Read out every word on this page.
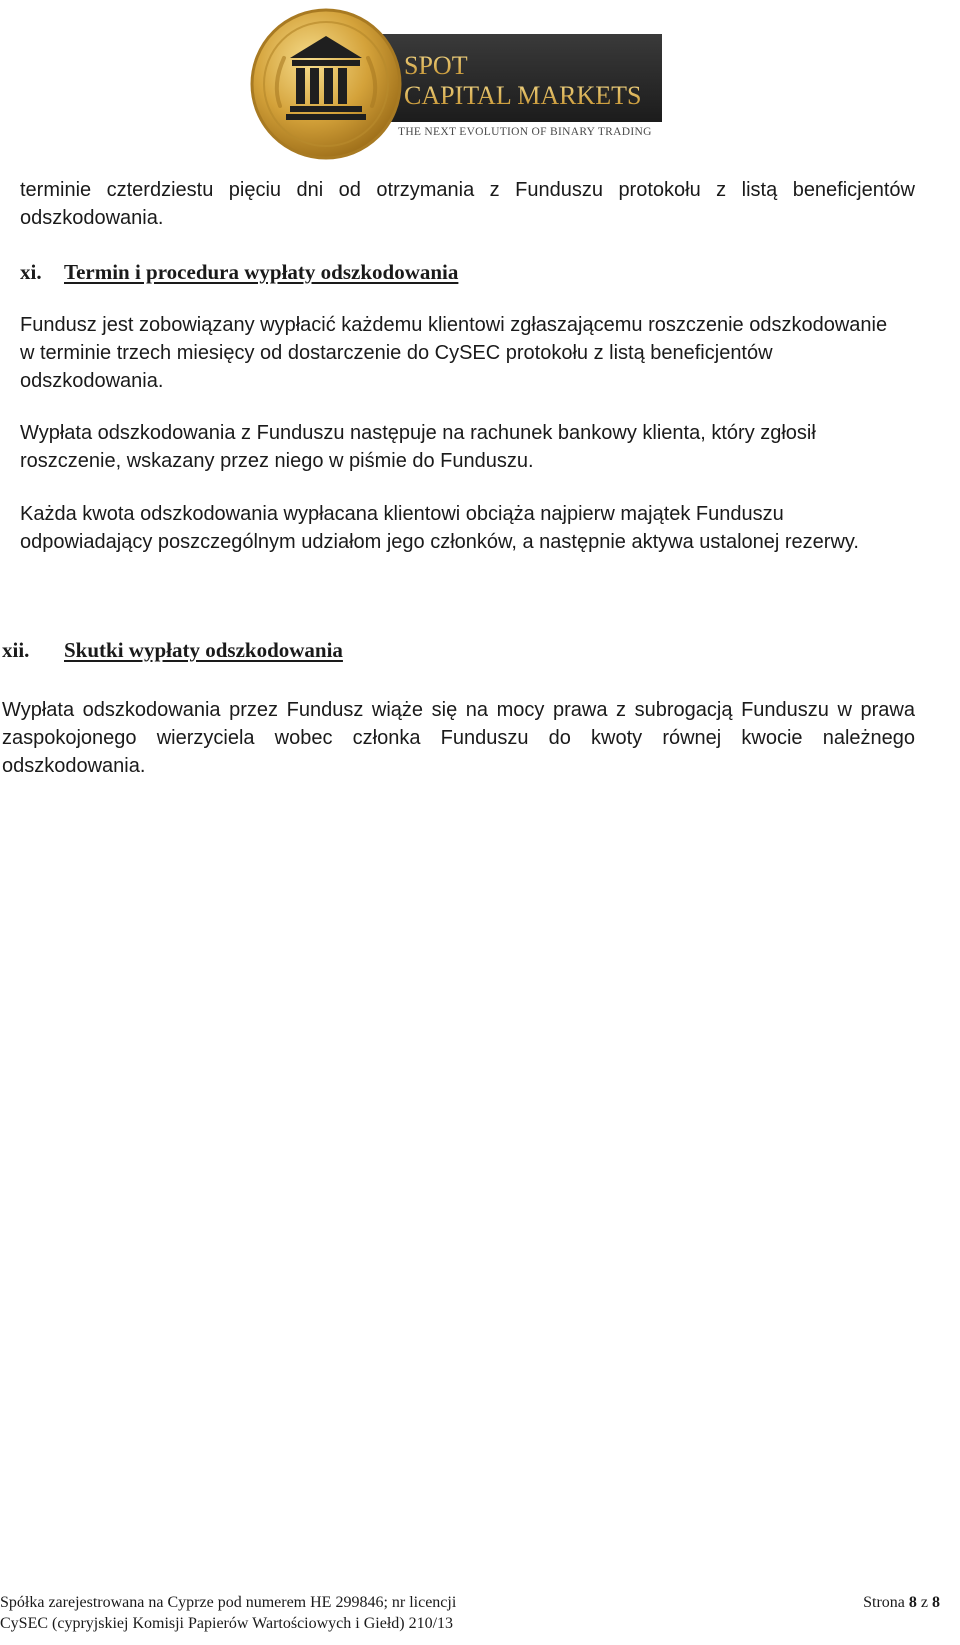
SPOT
CAPITAL MARKETS
THE NEXT EVOLUTION OF BINARY TRADING

terminie czterdziestu pięciu dni od otrzymania z Funduszu protokołu z listą beneficjentów odszkodowania.

xi. Termin i procedura wypłaty odszkodowania

Fundusz jest zobowiązany wypłacić każdemu klientowi zgłaszającemu roszczenie odszkodowanie w terminie trzech miesięcy od dostarczenie do CySEC protokołu z listą beneficjentów odszkodowania.

Wypłata odszkodowania z Funduszu następuje na rachunek bankowy klienta, który zgłosił roszczenie, wskazany przez niego w piśmie do Funduszu.

Każda kwota odszkodowania wypłacana klientowi obciąża najpierw majątek Funduszu odpowiadający poszczególnym udziałom jego członków, a następnie aktywa ustalonej rezerwy.

xii. Skutki wypłaty odszkodowania

Wypłata odszkodowania przez Fundusz wiąże się na mocy prawa z subrogacją Funduszu w prawa zaspokojonego wierzyciela wobec członka Funduszu do kwoty równej kwocie należnego odszkodowania.

Spółka zarejestrowana na Cyprze pod numerem HE 299846; nr licencji
CySEC (cypryjskiej Komisji Papierów Wartościowych i Giełd) 210/13
Strona 8 z 8
